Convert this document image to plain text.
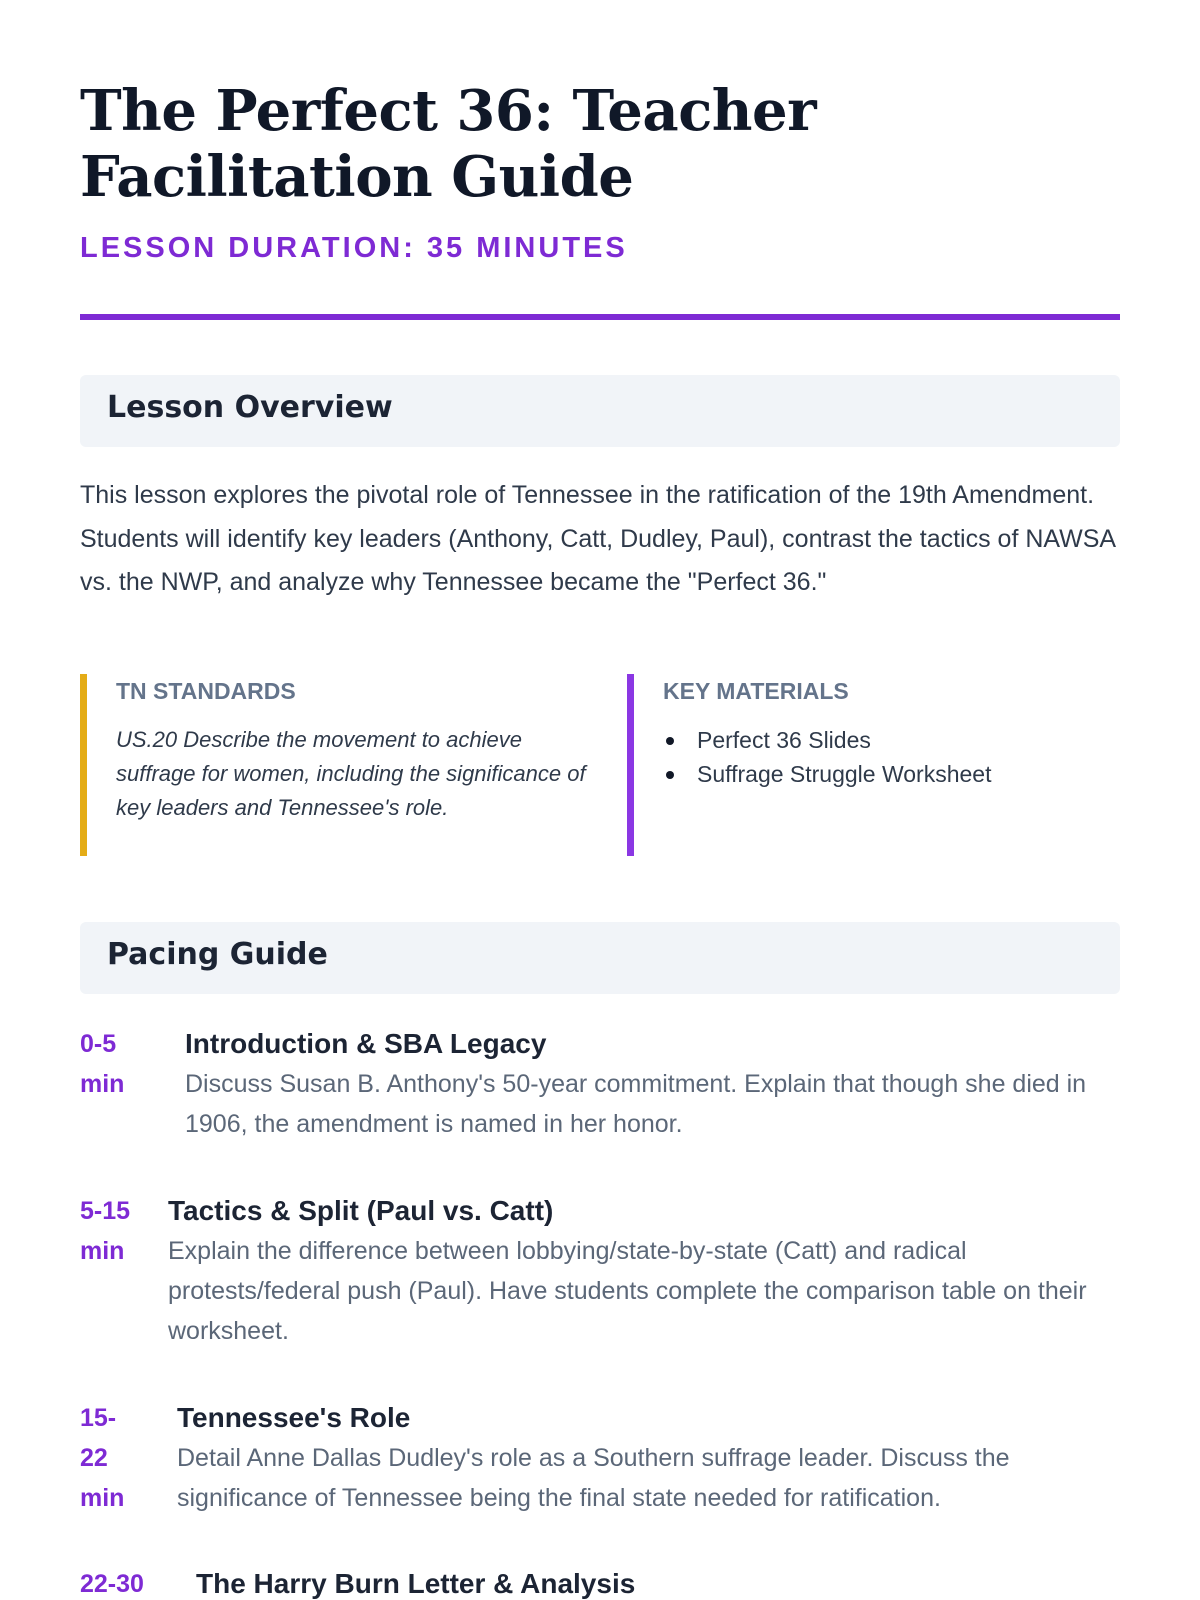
The Perfect 36: Teacher Facilitation Guide

LESSON DURATION: 35 MINUTES

Lesson Overview

This lesson explores the pivotal role of Tennessee in the ratification of the 19th Amendment. Students will identify key leaders (Anthony, Catt, Dudley, Paul), contrast the tactics of NAWSA vs. the NWP, and analyze why Tennessee became the "Perfect 36."

TN STANDARDS

US.20 Describe the movement to achieve suffrage for women, including the significance of key leaders and Tennessee's role.

KEY MATERIALS

Perfect 36 Slides
Suffrage Struggle Worksheet
Pacing Guide

0-5 min

Introduction & SBA Legacy

Discuss Susan B. Anthony's 50-year commitment. Explain that though she died in 1906, the amendment is named in her honor.

5-15 min

Tactics & Split (Paul vs. Catt)

Explain the difference between lobbying/state-by-state (Catt) and radical protests/federal push (Paul). Have students complete the comparison table on their worksheet.

15-22 min

Tennessee's Role

Detail Anne Dallas Dudley's role as a Southern suffrage leader. Discuss the significance of Tennessee being the final state needed for ratification.

22-30	The Harry Burn Letter & Analysis
